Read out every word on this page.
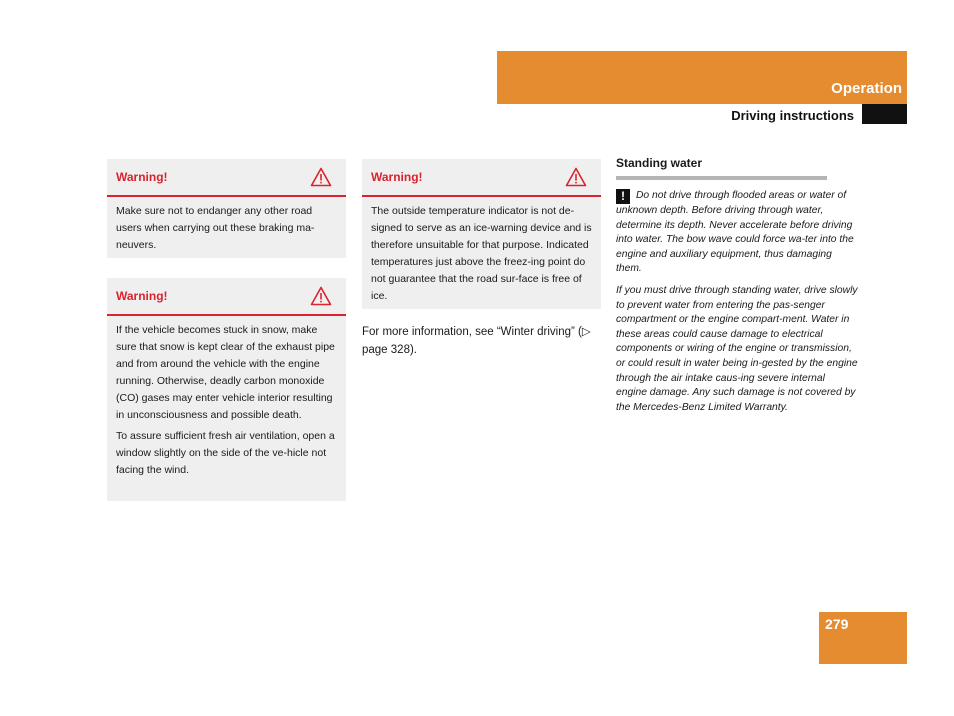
Operation
Driving instructions
Warning!

Make sure not to endanger any other road users when carrying out these braking ma-neuvers.

Warning!

If the vehicle becomes stuck in snow, make sure that snow is kept clear of the exhaust pipe and from around the vehicle with the engine running. Otherwise, deadly carbon monoxide (CO) gases may enter vehicle interior resulting in unconsciousness and possible death.

To assure sufficient fresh air ventilation, open a window slightly on the side of the ve-hicle not facing the wind.

Warning!

The outside temperature indicator is not de-signed to serve as an ice-warning device and is therefore unsuitable for that purpose. Indicated temperatures just above the freez-ing point do not guarantee that the road sur-face is free of ice.

For more information, see “Winter driving” (▷ page 328).

Standing water

! Do not drive through flooded areas or water of unknown depth. Before driving through water, determine its depth. Never accelerate before driving into water. The bow wave could force wa-ter into the engine and auxiliary equipment, thus damaging them.

If you must drive through standing water, drive slowly to prevent water from entering the pas-senger compartment or the engine compart-ment. Water in these areas could cause damage to electrical components or wiring of the engine or transmission, or could result in water being in-gested by the engine through the air intake caus-ing severe internal engine damage. Any such damage is not covered by the Mercedes-Benz Limited Warranty.

279
